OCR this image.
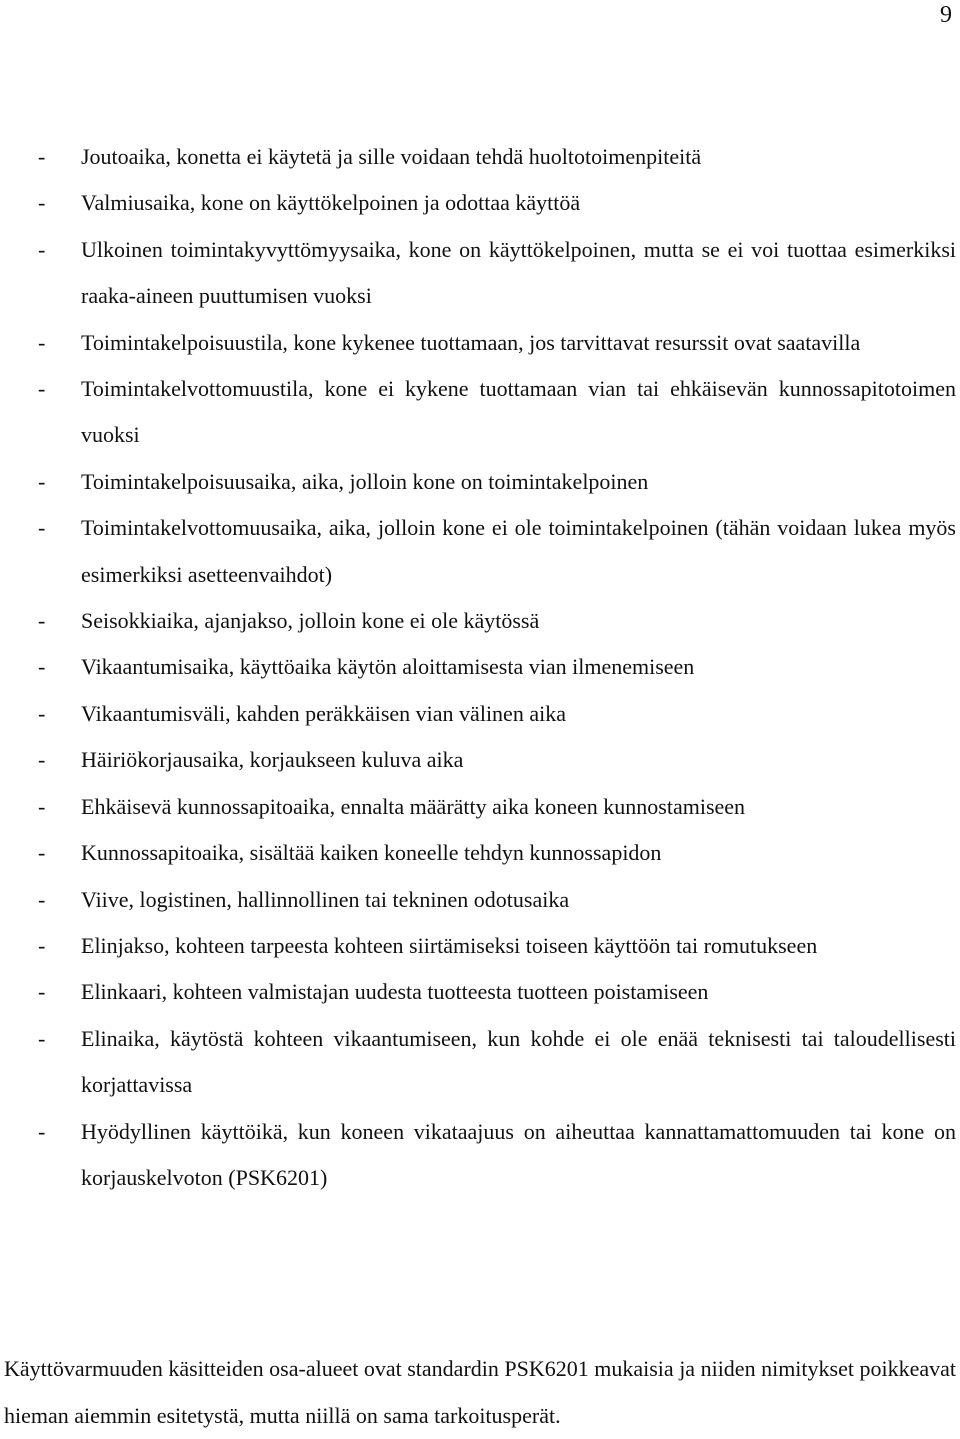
9
- Joutoaika, konetta ei käytetä ja sille voidaan tehdä huoltotoimenpiteitä
- Valmiusaika, kone on käyttökelpoinen ja odottaa käyttöä
- Ulkoinen toimintakyvyttömyysaika, kone on käyttökelpoinen, mutta se ei voi tuottaa esimerkiksi raaka-aineen puuttumisen vuoksi
- Toimintakelpoisuustila, kone kykenee tuottamaan, jos tarvittavat resurssit ovat saatavilla
- Toimintakelvottomuustila, kone ei kykene tuottamaan vian tai ehkäisevän kunnossapitotoimen vuoksi
- Toimintakelpoisuusaika, aika, jolloin kone on toimintakelpoinen
- Toimintakelvottomuusaika, aika, jolloin kone ei ole toimintakelpoinen (tähän voidaan lukea myös esimerkiksi asetteenvaihdot)
- Seisokkiaika, ajanjakso, jolloin kone ei ole käytössä
- Vikaantumisaika, käyttöaika käytön aloittamisesta vian ilmenemiseen
- Vikaantumisväli, kahden peräkkäisen vian välinen aika
- Häiriökorjausaika, korjaukseen kuluva aika
- Ehkäisevä kunnossapitoaika, ennalta määrätty aika koneen kunnostamiseen
- Kunnossapitoaika, sisältää kaiken koneelle tehdyn kunnossapidon
- Viive, logistinen, hallinnollinen tai tekninen odotusaika
- Elinjakso, kohteen tarpeesta kohteen siirtämiseksi toiseen käyttöön tai romutukseen
- Elinkaari, kohteen valmistajan uudesta tuotteesta tuotteen poistamiseen
- Elinaika, käytöstä kohteen vikaantumiseen, kun kohde ei ole enää teknisesti tai taloudellisesti korjattavissa
- Hyödyllinen käyttöikä, kun koneen vikataajuus on aiheuttaa kannattamattomuuden tai kone on korjauskelvoton (PSK6201)

Käyttövarmuuden käsitteiden osa-alueet ovat standardin PSK6201 mukaisia ja niiden nimitykset poikkeavat hieman aiemmin esitetystä, mutta niillä on sama tarkoitusperät.
